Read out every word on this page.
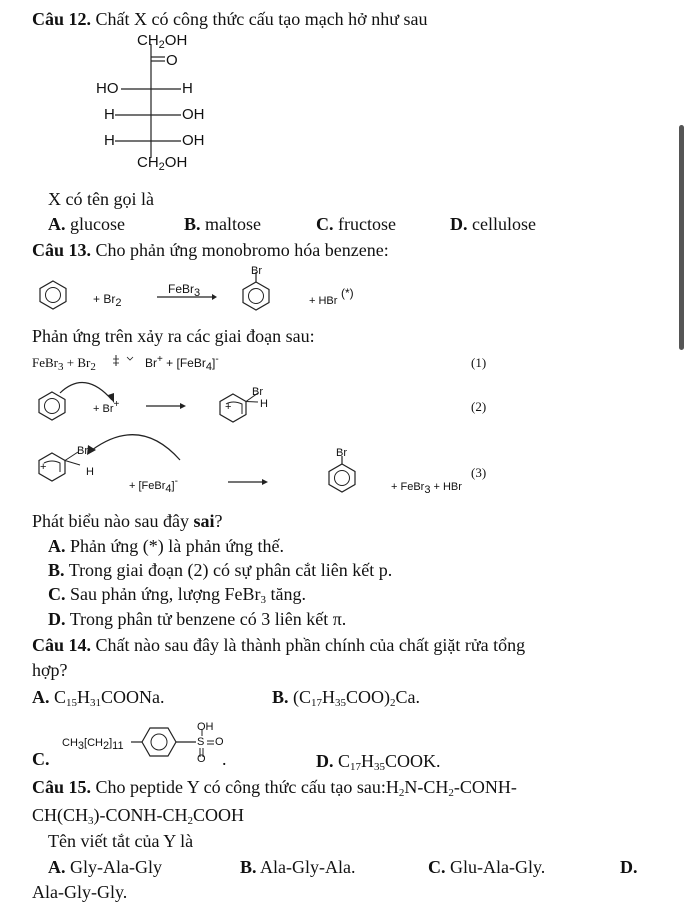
Câu 12. Chất X có công thức cấu tạo mạch hở như sau
$CH_2OH$
O
HO	H
H	OH
H	OH
$CH_2OH$
X có tên gọi là
A. glucose	B. maltose	C. fructose	D. cellulose
Câu 13. Cho phản ứng monobromo hóa benzene:
+ $Br_2$
FeBr$_3$
Br
+ HBr
(*)
Phản ứng trên xảy ra các giai đoạn sau:
FeBr$_3$ + $Br_2$	Br+ + [FeBr$_4$]-	(1)
+ Br+	+
Br
H	(2)
+
Br
H
+ [FeBr$_4$]-
Br
+ FeBr$_3$ + HBr
(3)
Phát biểu nào sau đây sai?
A. Phản ứng (*) là phản ứng thế.
B. Trong giai đoạn (2) có sự phân cắt liên kết p.
C. Sau phản ứng, lượng FeBr$_3$ tăng.
D. Trong phân tử benzene có 3 liên kết π.
Câu 14. Chất nào sau đây là thành phần chính của chất giặt rửa tổng
hợp?
A. $C_{15}H_{31}COONa$.	B. $(C_{17}H_{35}COO)_2Ca$.
C.
$CH_3[CH_2]_{11}$
OH
S O
O .	D. $C_{17}H_{35}COOK$.
Câu 15. Cho peptide Y có công thức cấu tạo $sau:H_2N-CH_2-CONH-$
$CH(CH_3)-CONH-CH_2COOH$
Tên viết tắt của Y là
A. Gly-Ala-Gly	B. Ala-Gly-Ala.	C. Glu-Ala-Gly.	D.
Ala-Gly-Gly.
